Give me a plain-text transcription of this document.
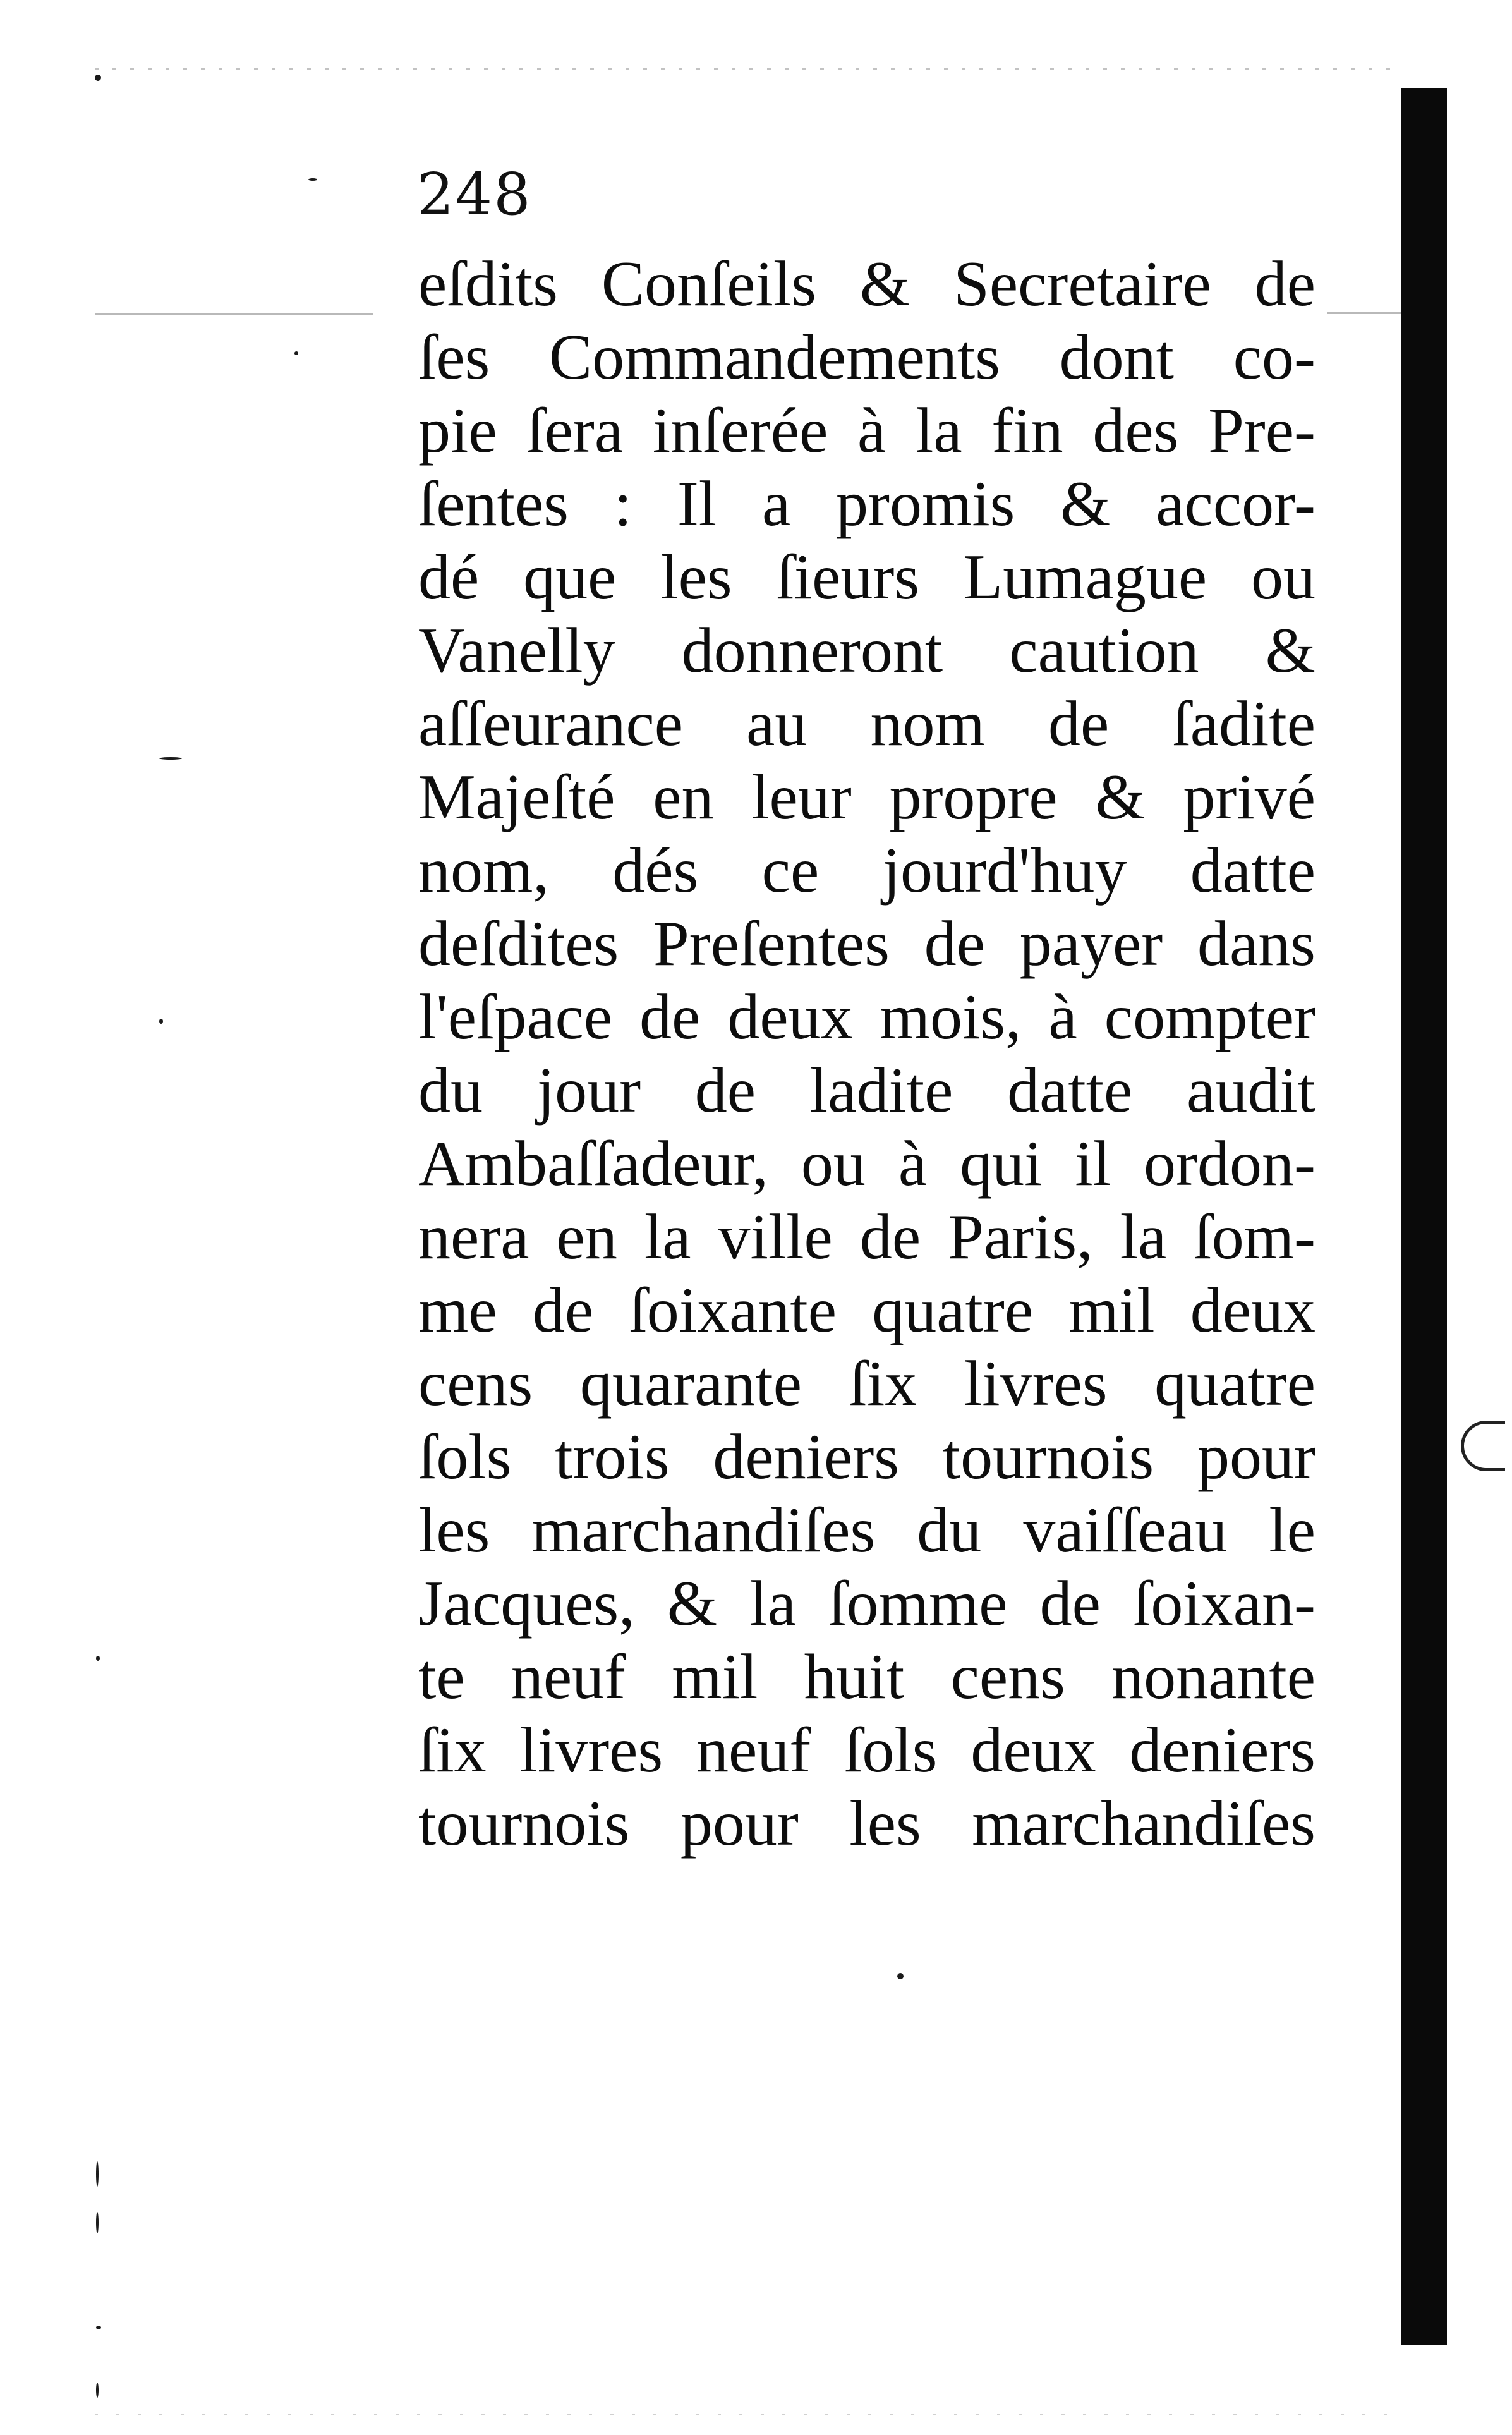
248
eſdits Conſeils & Secretaire de
ſes Commandements dont co-
pie ſera inſerée à la fin des Pre-
ſentes : Il a promis & accor-
dé que les ſieurs Lumague ou
Vanelly donneront caution &
aſſeurance au nom de ſadite
Majeſté en leur propre & privé
nom, dés ce jourd'huy datte
deſdites Preſentes de payer dans
l'eſpace de deux mois, à compter
du jour de ladite datte audit
Ambaſſadeur, ou à qui il ordon-
nera en la ville de Paris, la ſom-
me de ſoixante quatre mil deux
cens quarante ſix livres quatre
ſols trois deniers tournois pour
les marchandiſes du vaiſſeau le
Jacques, & la ſomme de ſoixan-
te neuf mil huit cens nonante
ſix livres neuf ſols deux deniers
tournois pour les marchandiſes
